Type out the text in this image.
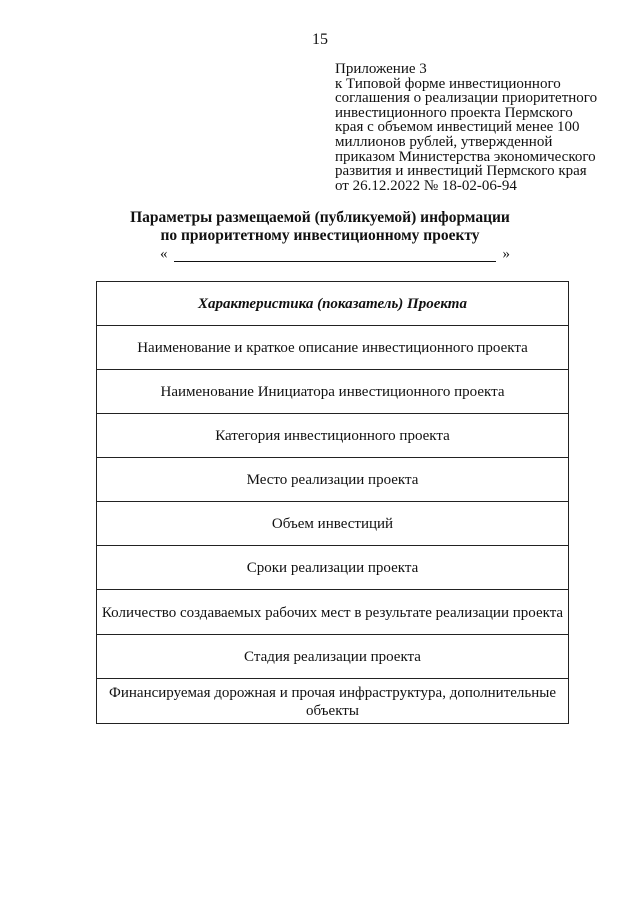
15
Приложение 3
к Типовой форме инвестиционного
соглашения о реализации приоритетного
инвестиционного проекта Пермского
края с объемом инвестиций менее 100
миллионов рублей, утвержденной
приказом Министерства экономического
развития и инвестиций Пермского края
от 26.12.2022 № 18-02-06-94
Параметры размещаемой (публикуемой) информации
по приоритетному инвестиционному проекту
«	»
Характеристика (показатель) Проекта
Наименование и краткое описание инвестиционного проекта
Наименование Инициатора инвестиционного проекта
Категория инвестиционного проекта
Место реализации проекта
Объем инвестиций
Сроки реализации проекта
Количество создаваемых рабочих мест в результате реализации проекта
Стадия реализации проекта
Финансируемая дорожная и прочая инфраструктура, дополнительные объекты
